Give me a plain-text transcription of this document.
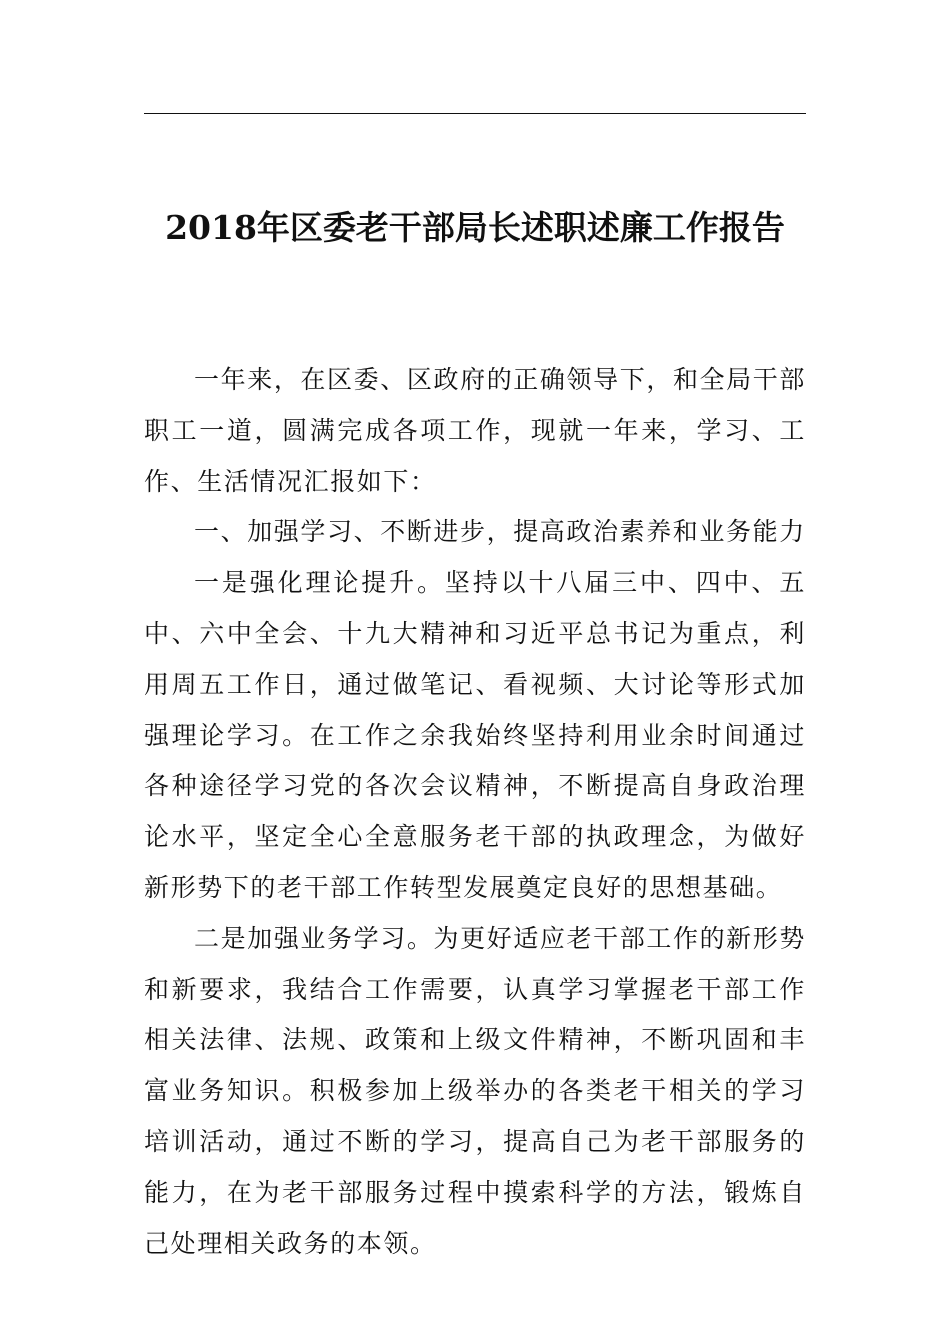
2018年区委老干部局长述职述廉工作报告

一年来，在区委、区政府的正确领导下，和全局干部职工一道，圆满完成各项工作，现就一年来，学习、工作、生活情况汇报如下：

一、加强学习、不断进步，提高政治素养和业务能力

一是强化理论提升。坚持以十八届三中、四中、五中、六中全会、十九大精神和习近平总书记为重点，利用周五工作日，通过做笔记、看视频、大讨论等形式加强理论学习。在工作之余我始终坚持利用业余时间通过各种途径学习党的各次会议精神，不断提高自身政治理论水平，坚定全心全意服务老干部的执政理念，为做好新形势下的老干部工作转型发展奠定良好的思想基础。

二是加强业务学习。为更好适应老干部工作的新形势和新要求，我结合工作需要，认真学习掌握老干部工作相关法律、法规、政策和上级文件精神，不断巩固和丰富业务知识。积极参加上级举办的各类老干相关的学习培训活动，通过不断的学习，提高自己为老干部服务的能力，在为老干部服务过程中摸索科学的方法，锻炼自己处理相关政务的本领。
